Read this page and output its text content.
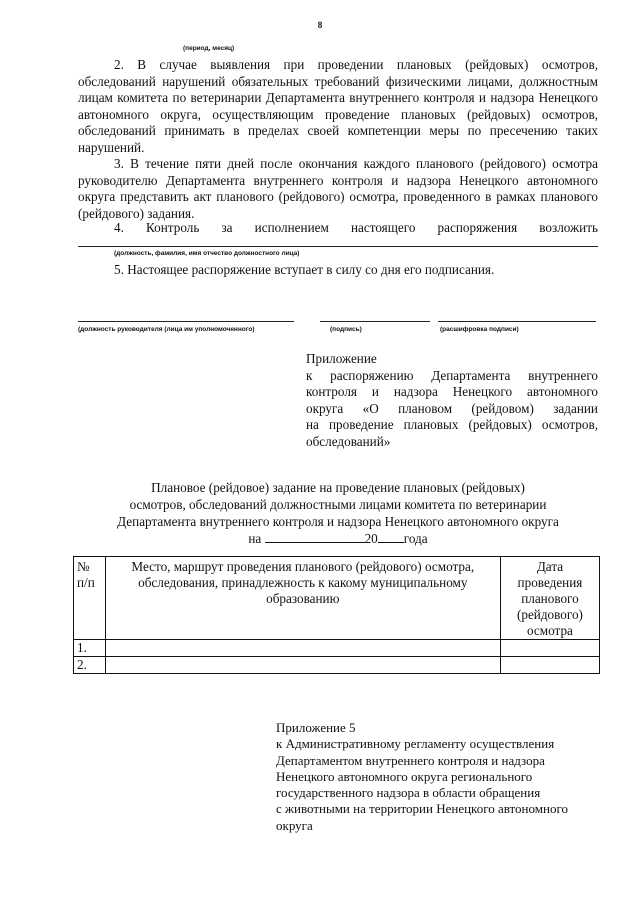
8
(период, месяц)
2. В случае выявления при проведении плановых (рейдовых) осмотров, обследований нарушений обязательных требований физическими лицами, должностным лицам комитета по ветеринарии Департамента внутреннего контроля и надзора Ненецкого автономного округа, осуществляющим проведение плановых (рейдовых) осмотров, обследований принимать в пределах своей компетенции меры по пресечению таких нарушений.
3. В течение пяти дней после окончания каждого планового (рейдового) осмотра руководителю Департамента внутреннего контроля и надзора Ненецкого автономного округа представить акт планового (рейдового) осмотра, проведенного в рамках планового (рейдового) задания.
4. Контроль за исполнением настоящего распоряжения возложить
(должность, фамилия, имя отчество должностного лица)
5. Настоящее распоряжение вступает в силу со дня его подписания.
(должность руководителя (лица им уполномоченного)	(подпись)	(расшифровка подписи)
Приложение
к распоряжению Департамента внутреннего
контроля и надзора Ненецкого автономного
округа «О плановом (рейдовом) задании
на проведение плановых (рейдовых) осмотров,
обследований»
Плановое (рейдовое) задание на проведение плановых (рейдовых)
осмотров, обследований должностными лицами комитета по ветеринарии
Департамента внутреннего контроля и надзора Ненецкого автономного округа
на	20 года
№ п/п	Место, маршрут проведения планового (рейдового) осмотра, обследования, принадлежность к какому муниципальному образованию	Дата проведения планового (рейдового) осмотра
1.		
2.		
Приложение 5
к Административному регламенту осуществления
Департаментом внутреннего контроля и надзора
Ненецкого автономного округа регионального
государственного надзора в области обращения
с животными на территории Ненецкого автономного
округа
